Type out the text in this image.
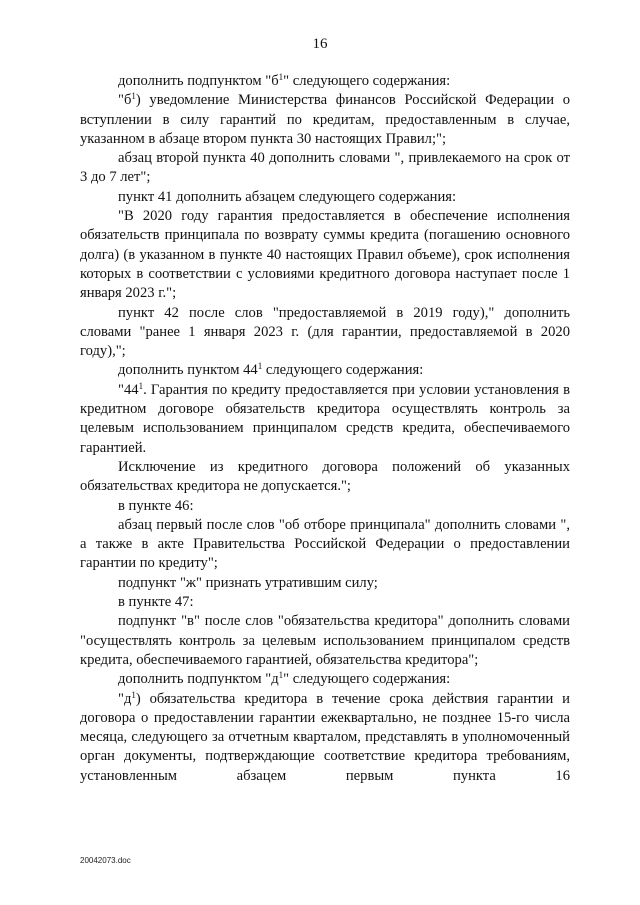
16

дополнить подпунктом "$б^1$" следующего содержания:

"$б^1$) уведомление Министерства финансов Российской Федерации о вступлении в силу гарантий по кредитам, предоставленным в случае, указанном в абзаце втором пункта 30 настоящих Правил;";

абзац второй пункта 40 дополнить словами ", привлекаемого на срок от 3 до 7 лет";

пункт 41 дополнить абзацем следующего содержания:

"В 2020 году гарантия предоставляется в обеспечение исполнения обязательств принципала по возврату суммы кредита (погашению основного долга) (в указанном в пункте 40 настоящих Правил объеме), срок исполнения которых в соответствии с условиями кредитного договора наступает после 1 января 2023 г.";

пункт 42 после слов "предоставляемой в 2019 году)," дополнить словами "ранее 1 января 2023 г. (для гарантии, предоставляемой в 2020 году),";

дополнить пунктом $44^1$ следующего содержания:

"$44^1$. Гарантия по кредиту предоставляется при условии установления в кредитном договоре обязательств кредитора осуществлять контроль за целевым использованием принципалом средств кредита, обеспечиваемого гарантией.

Исключение из кредитного договора положений об указанных обязательствах кредитора не допускается.";

в пункте 46:

абзац первый после слов "об отборе принципала" дополнить словами ", а также в акте Правительства Российской Федерации о предоставлении гарантии по кредиту";

подпункт "ж" признать утратившим силу;

в пункте 47:

подпункт "в" после слов "обязательства кредитора" дополнить словами "осуществлять контроль за целевым использованием принципалом средств кредита, обеспечиваемого гарантией, обязательства кредитора";

дополнить подпунктом "$д^1$" следующего содержания:

"$д^1$) обязательства кредитора в течение срока действия гарантии и договора о предоставлении гарантии ежеквартально, не позднее 15-го числа месяца, следующего за отчетным кварталом, представлять в уполномоченный орган документы, подтверждающие соответствие кредитора требованиям, установленным абзацем первым пункта 16

20042073.doc
